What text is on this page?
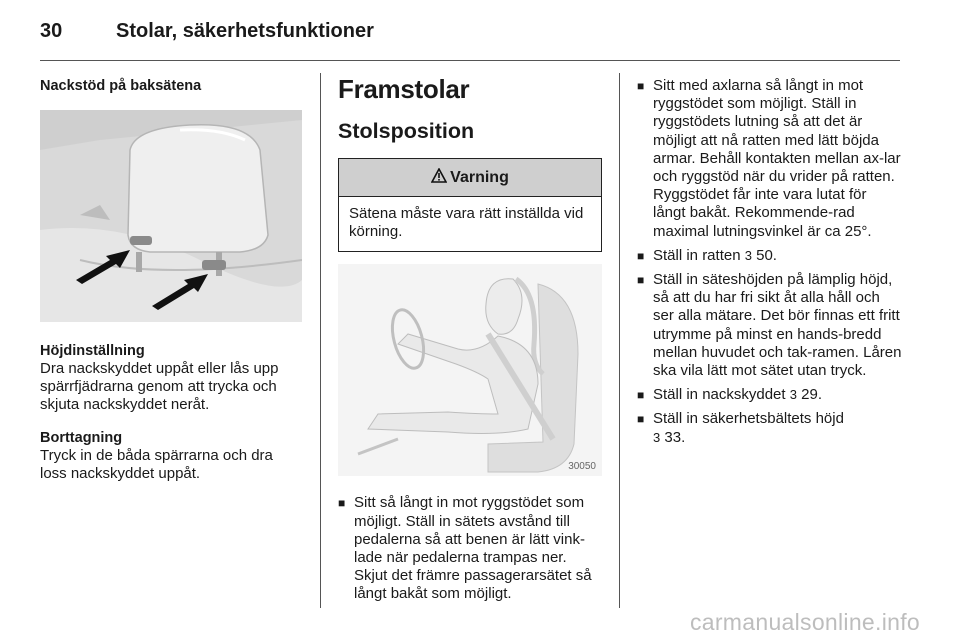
30	Stolar, säkerhetsfunktioner
Nackstöd på baksätena
Höjdinställning
Dra nackskyddet uppåt eller lås upp spärrfjädrarna genom att trycka och skjuta nackskyddet neråt.
Borttagning
Tryck in de båda spärrarna och dra loss nackskyddet uppåt.
Framstolar
Stolsposition
Varning
Sätena måste vara rätt inställda vid körning.
30050
■ Sitt så långt in mot ryggstödet som möjligt. Ställ in sätets avstånd till pedalerna så att benen är lätt vink-lade när pedalerna trampas ner. Skjut det främre passagerarsätet så långt bakåt som möjligt.
■ Sitt med axlarna så långt in mot ryggstödet som möjligt. Ställ in ryggstödets lutning så att det är möjligt att nå ratten med lätt böjda armar. Behåll kontakten mellan ax-lar och ryggstöd när du vrider på ratten. Ryggstödet får inte vara lutat för långt bakåt. Rekommende-rad maximal lutningsvinkel är ca 25°.
■ Ställ in ratten 3 50.
■ Ställ in säteshöjden på lämplig höjd, så att du har fri sikt åt alla håll och ser alla mätare. Det bör finnas ett fritt utrymme på minst en hands-bredd mellan huvudet och tak-ramen. Låren ska vila lätt mot sätet utan tryck.
■ Ställ in nackskyddet 3 29.
■ Ställ in säkerhetsbältets höjd
3 33.
carmanualsonline.info
